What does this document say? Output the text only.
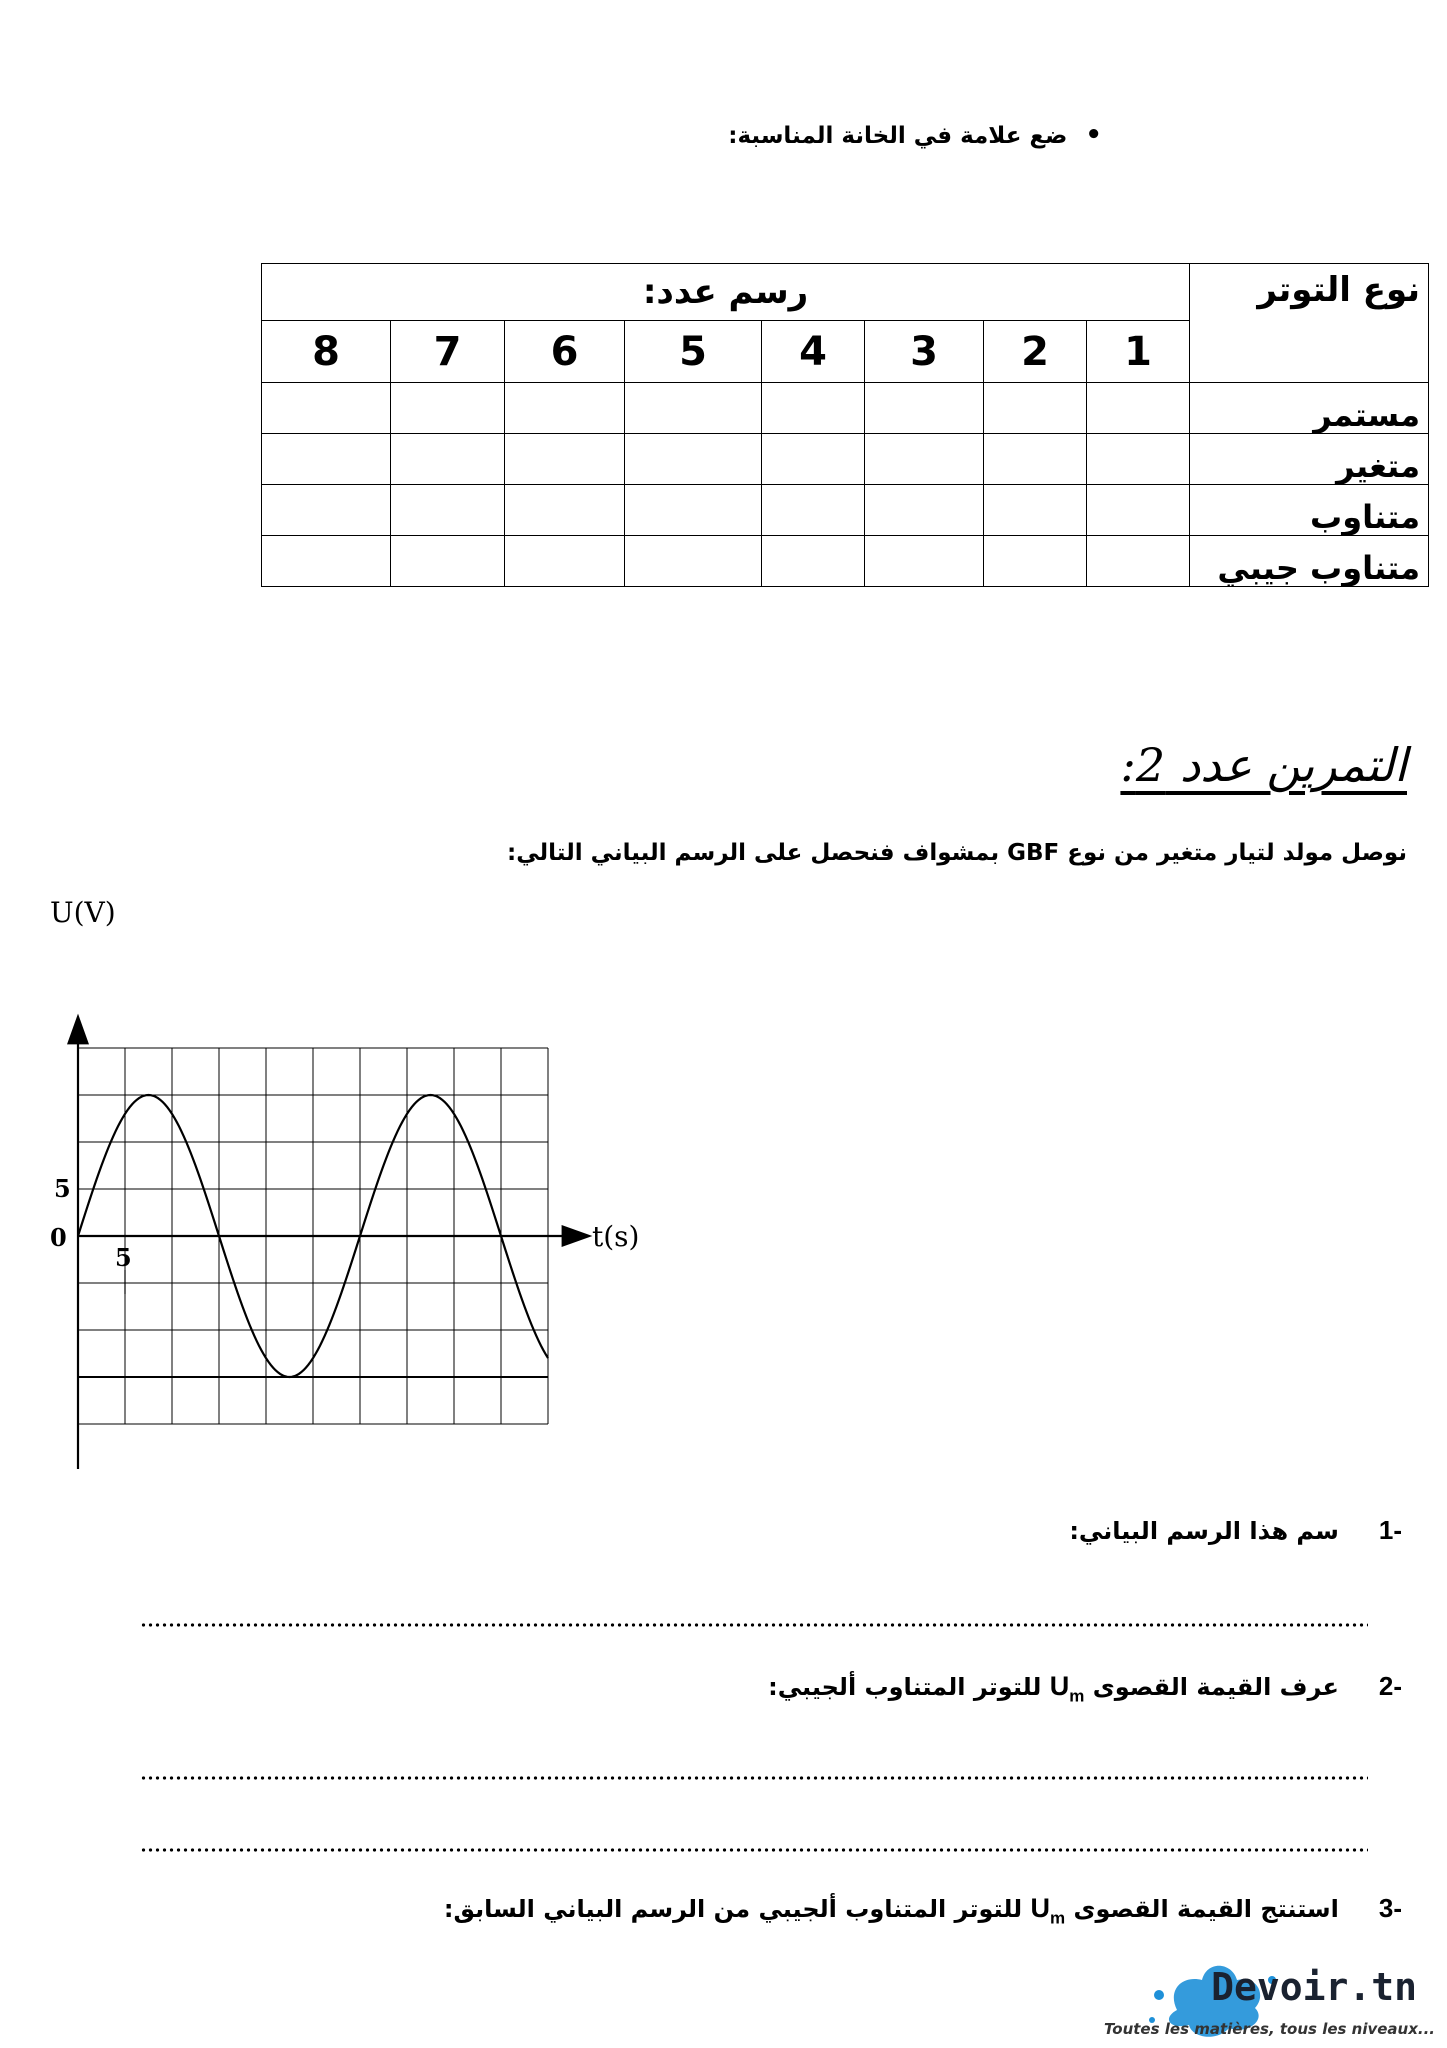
•ضع علامة في الخانة المناسبة:
رسم عدد:								نوع التوتر
8	7	6	5	4	3	2	1	
								مستمر
								متغير
								متناوب
								متناوب جيبي
التمرين عدد 2:
نوصل مولد لتيار متغير من نوع GBF بمشواف فنحصل على الرسم البياني التالي:
U(V)
t(s)
5
0
5
-1سم هذا الرسم البياني:
-2عرف القيمة القصوى $U_m$ للتوتر المتناوب ألجيبي:
-3استنتج القيمة القصوى $U_m$ للتوتر المتناوب ألجيبي من الرسم البياني السابق:
Devoir.tn
Toutes les matières, tous les niveaux...
